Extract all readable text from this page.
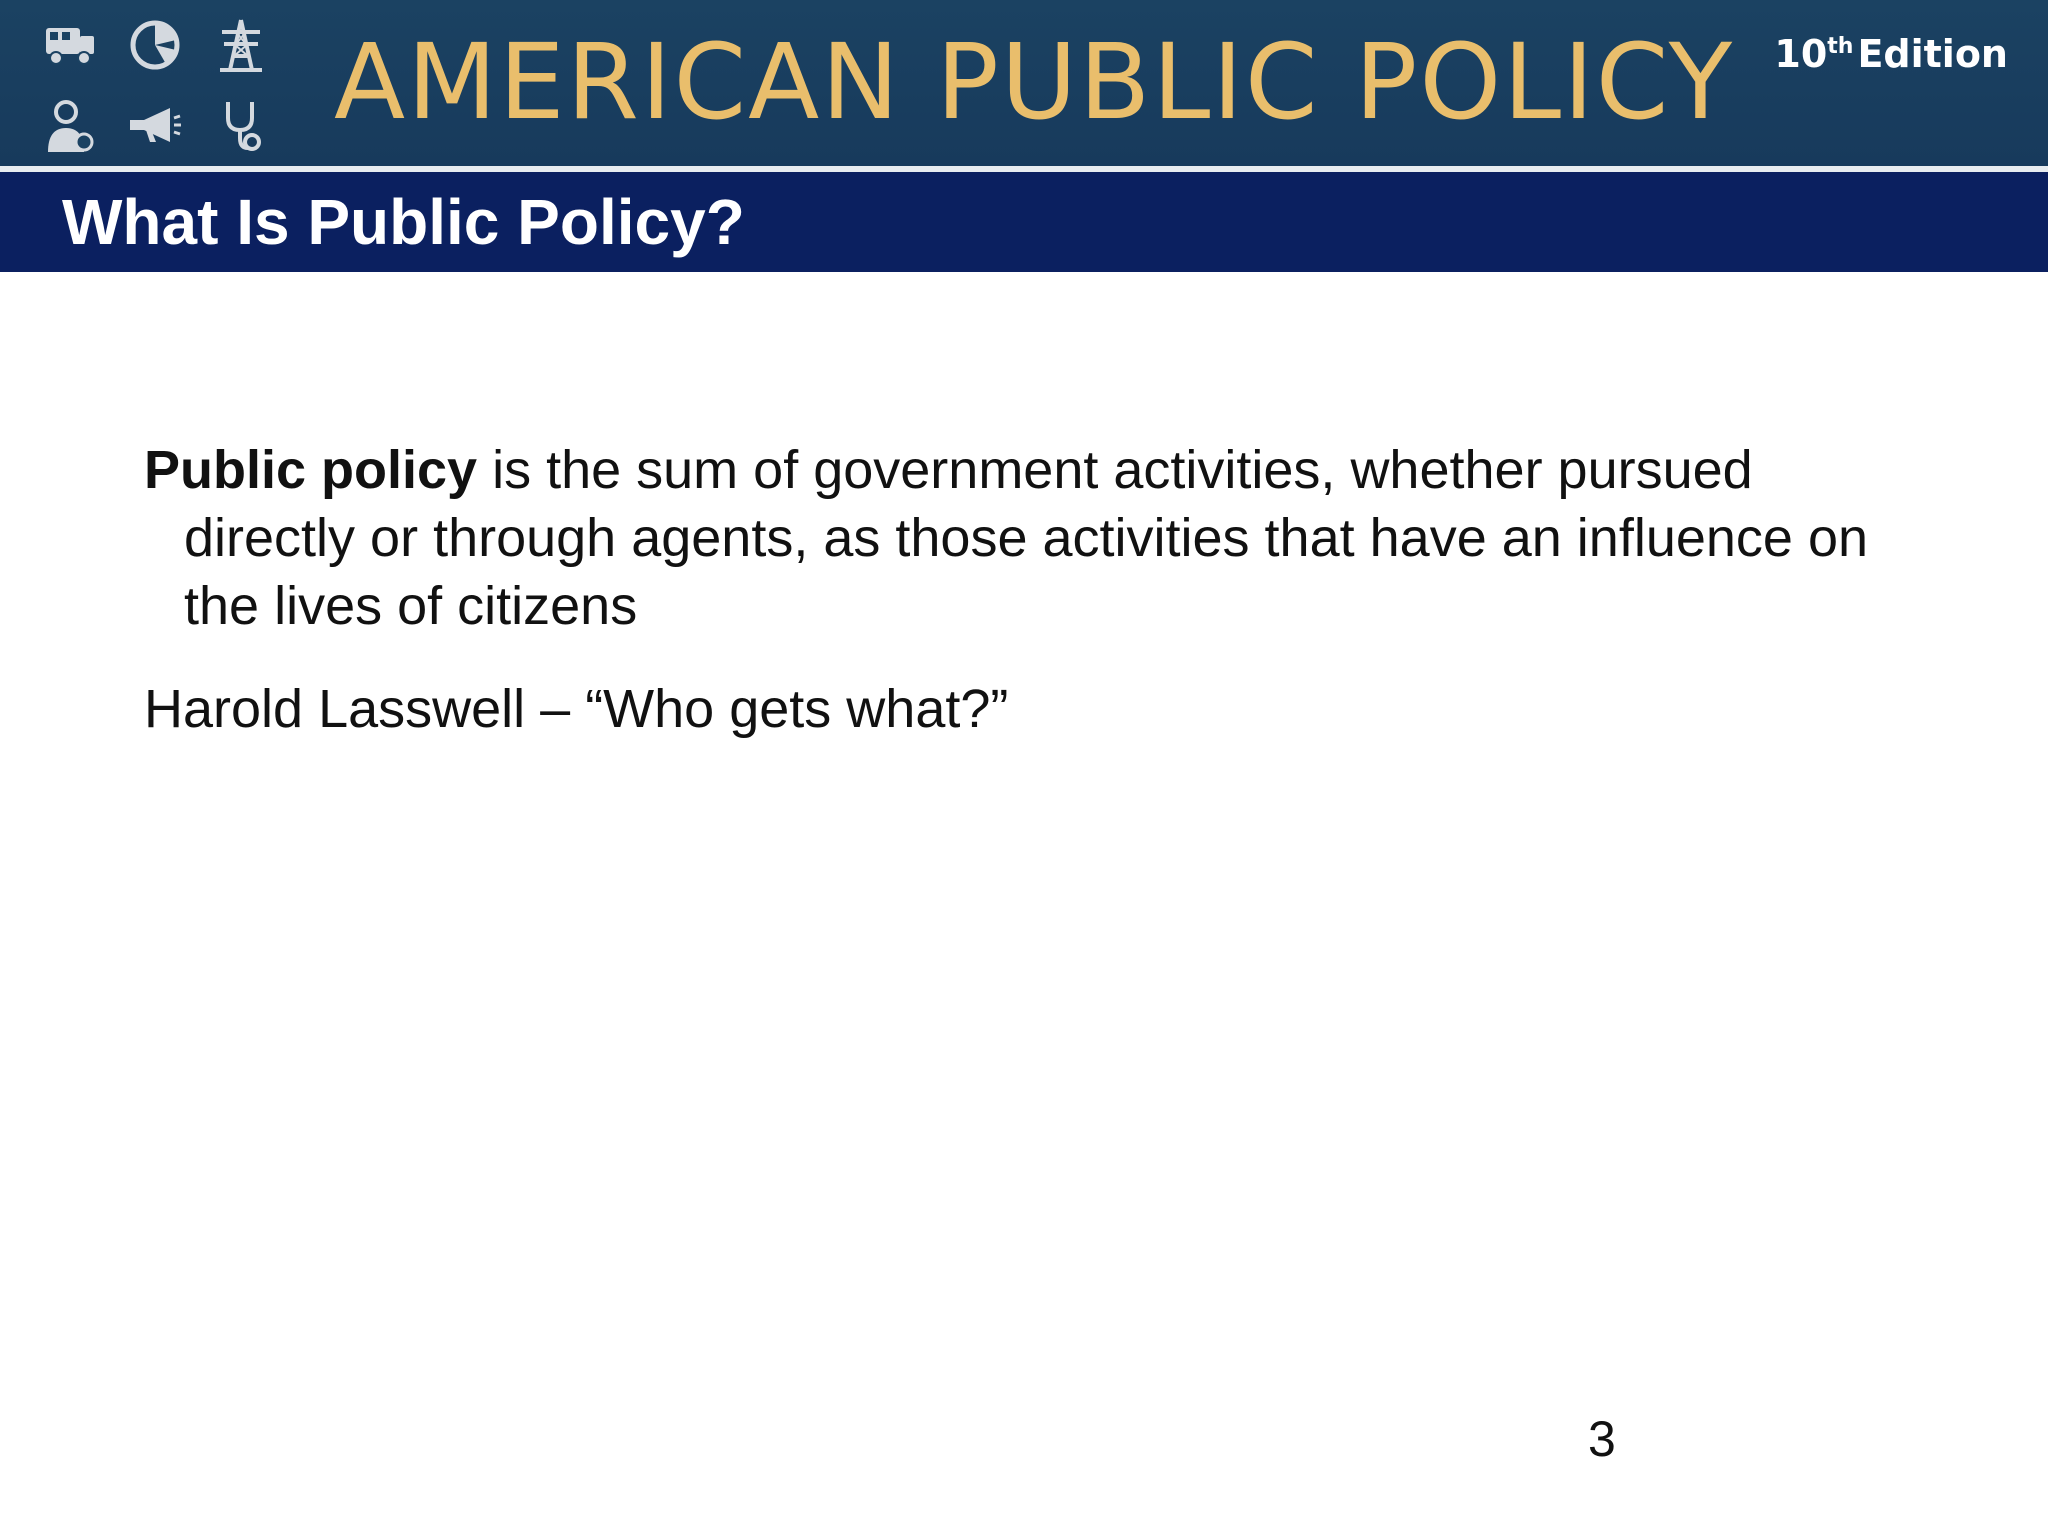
AMERICAN PUBLIC POLICY 10th Edition
What Is Public Policy?

Public policy is the sum of government activities, whether pursued directly or through agents, as those activities that have an influence on the lives of citizens

Harold Lasswell – “Who gets what?”

3
